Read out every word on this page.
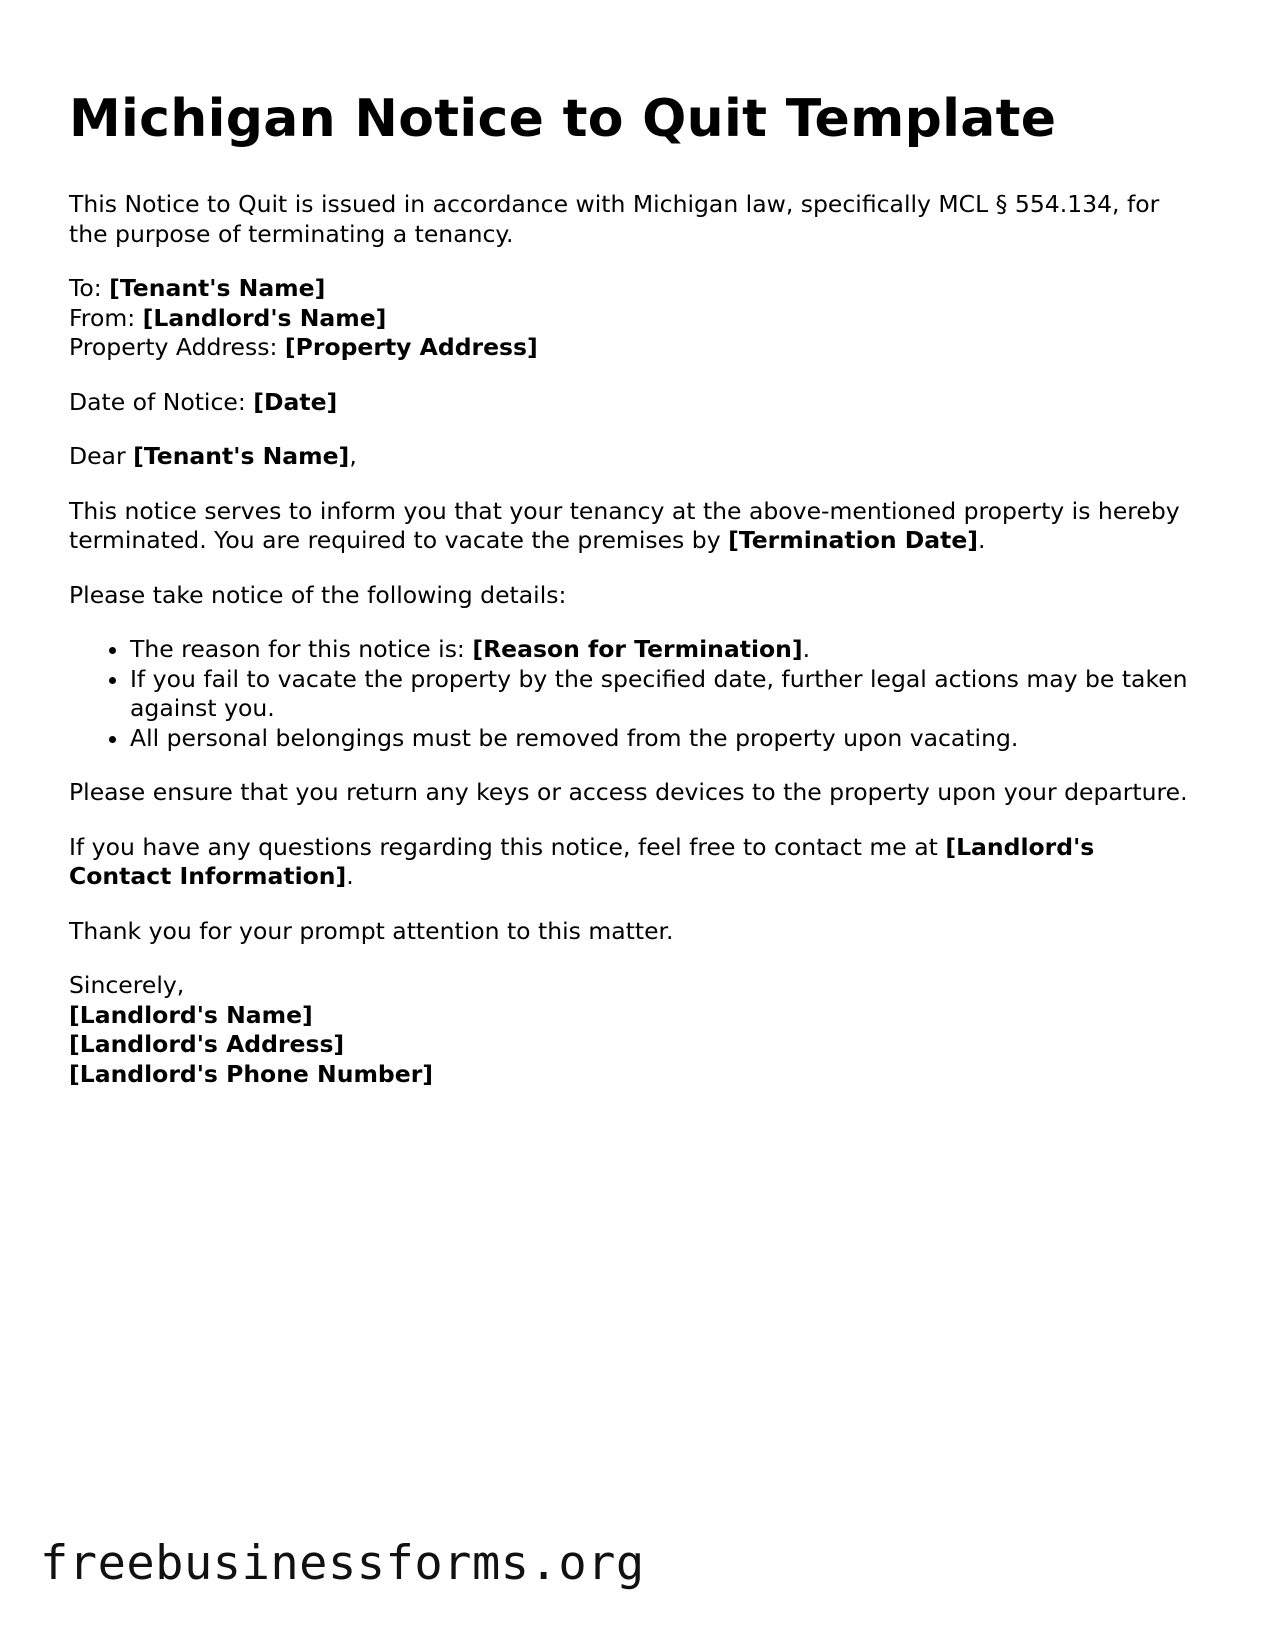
Michigan Notice to Quit Template

This Notice to Quit is issued in accordance with Michigan law, specifically MCL § 554.134, for the purpose of terminating a tenancy.

To: [Tenant's Name]
From: [Landlord's Name]
Property Address: [Property Address]

Date of Notice: [Date]

Dear [Tenant's Name],

This notice serves to inform you that your tenancy at the above-mentioned property is hereby terminated. You are required to vacate the premises by [Termination Date].

Please take notice of the following details:

• The reason for this notice is: [Reason for Termination].
• If you fail to vacate the property by the specified date, further legal actions may be taken against you.
• All personal belongings must be removed from the property upon vacating.

Please ensure that you return any keys or access devices to the property upon your departure.

If you have any questions regarding this notice, feel free to contact me at [Landlord's Contact Information].

Thank you for your prompt attention to this matter.

Sincerely,
[Landlord's Name]
[Landlord's Address]
[Landlord's Phone Number]

freebusinessforms.org
